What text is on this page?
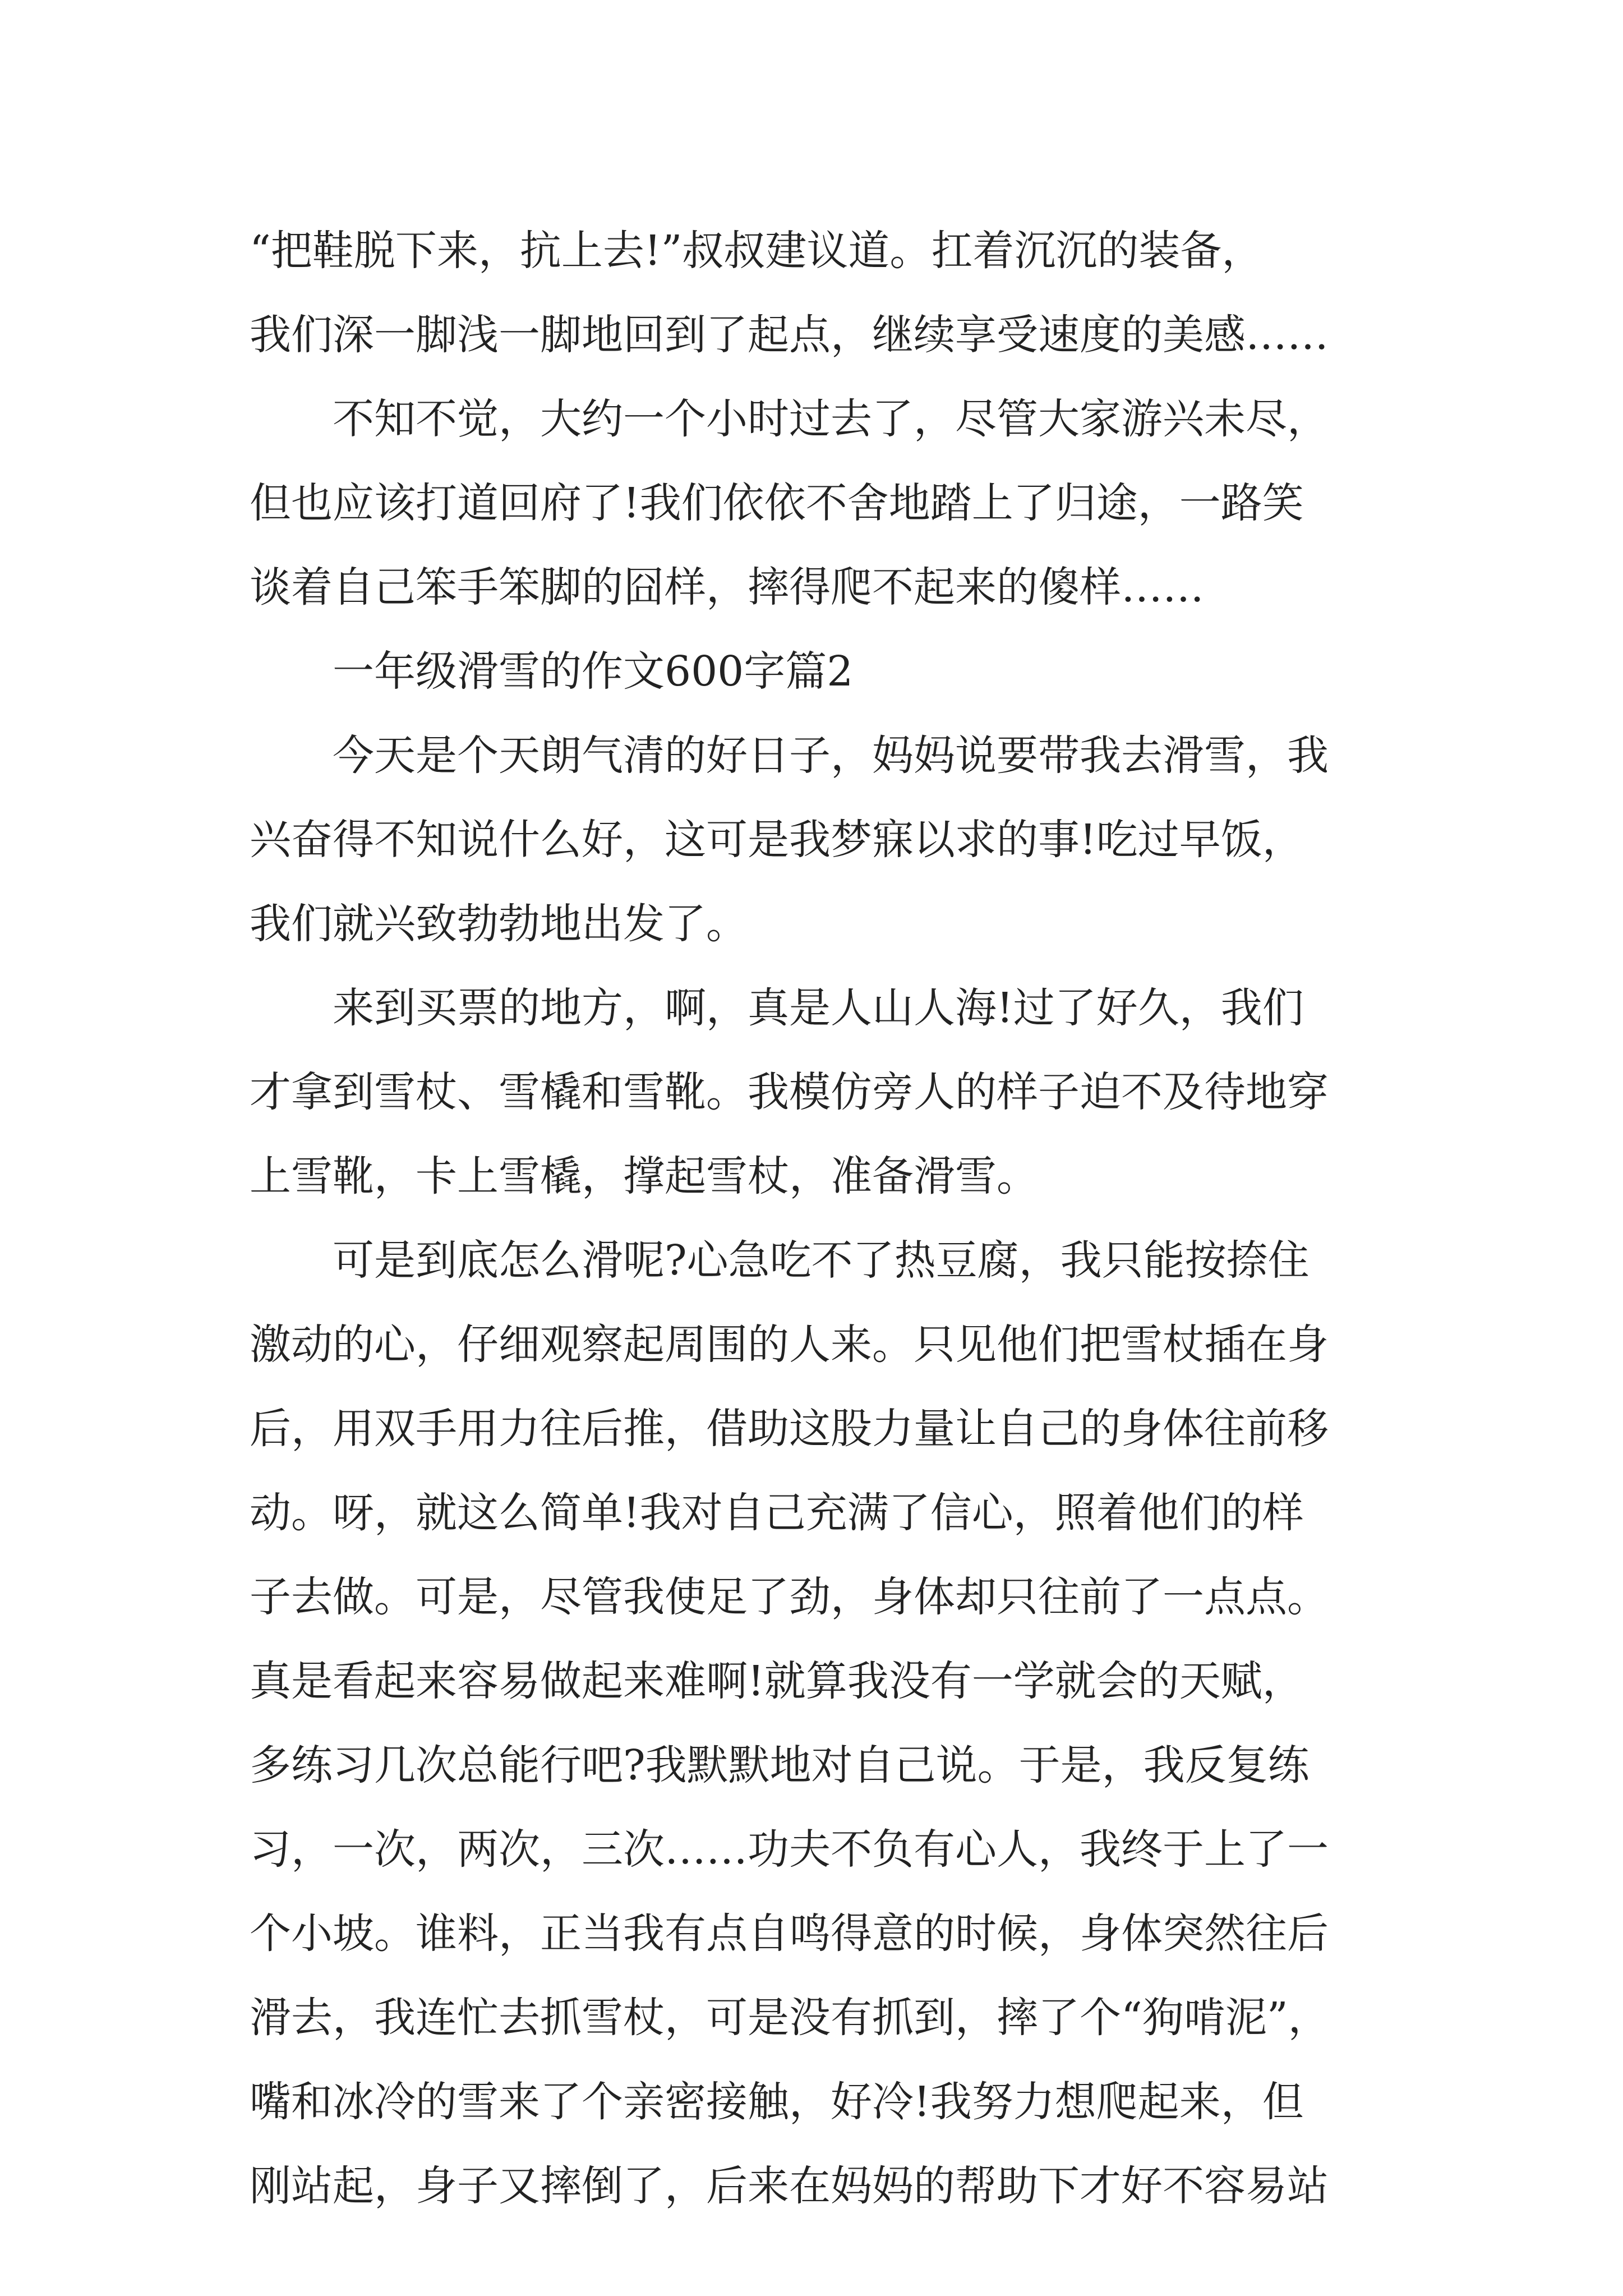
“把鞋脱下来，抗上去!”叔叔建议道。扛着沉沉的装备，
我们深一脚浅一脚地回到了起点，继续享受速度的美感……
不知不觉，大约一个小时过去了，尽管大家游兴未尽，
但也应该打道回府了!我们依依不舍地踏上了归途，一路笑
谈着自己笨手笨脚的囧样，摔得爬不起来的傻样……
一年级滑雪的作文600字篇2
今天是个天朗气清的好日子，妈妈说要带我去滑雪，我
兴奋得不知说什么好，这可是我梦寐以求的事!吃过早饭，
我们就兴致勃勃地出发了。
来到买票的地方，啊，真是人山人海!过了好久，我们
才拿到雪杖、雪橇和雪靴。我模仿旁人的样子迫不及待地穿
上雪靴，卡上雪橇，撑起雪杖，准备滑雪。
可是到底怎么滑呢?心急吃不了热豆腐，我只能按捺住
激动的心，仔细观察起周围的人来。只见他们把雪杖插在身
后，用双手用力往后推，借助这股力量让自己的身体往前移
动。呀，就这么简单!我对自己充满了信心，照着他们的样
子去做。可是，尽管我使足了劲，身体却只往前了一点点。
真是看起来容易做起来难啊!就算我没有一学就会的天赋，
多练习几次总能行吧?我默默地对自己说。于是，我反复练
习，一次，两次，三次……功夫不负有心人，我终于上了一
个小坡。谁料，正当我有点自鸣得意的时候，身体突然往后
滑去，我连忙去抓雪杖，可是没有抓到，摔了个“狗啃泥”，
嘴和冰冷的雪来了个亲密接触，好冷!我努力想爬起来，但
刚站起，身子又摔倒了，后来在妈妈的帮助下才好不容易站
